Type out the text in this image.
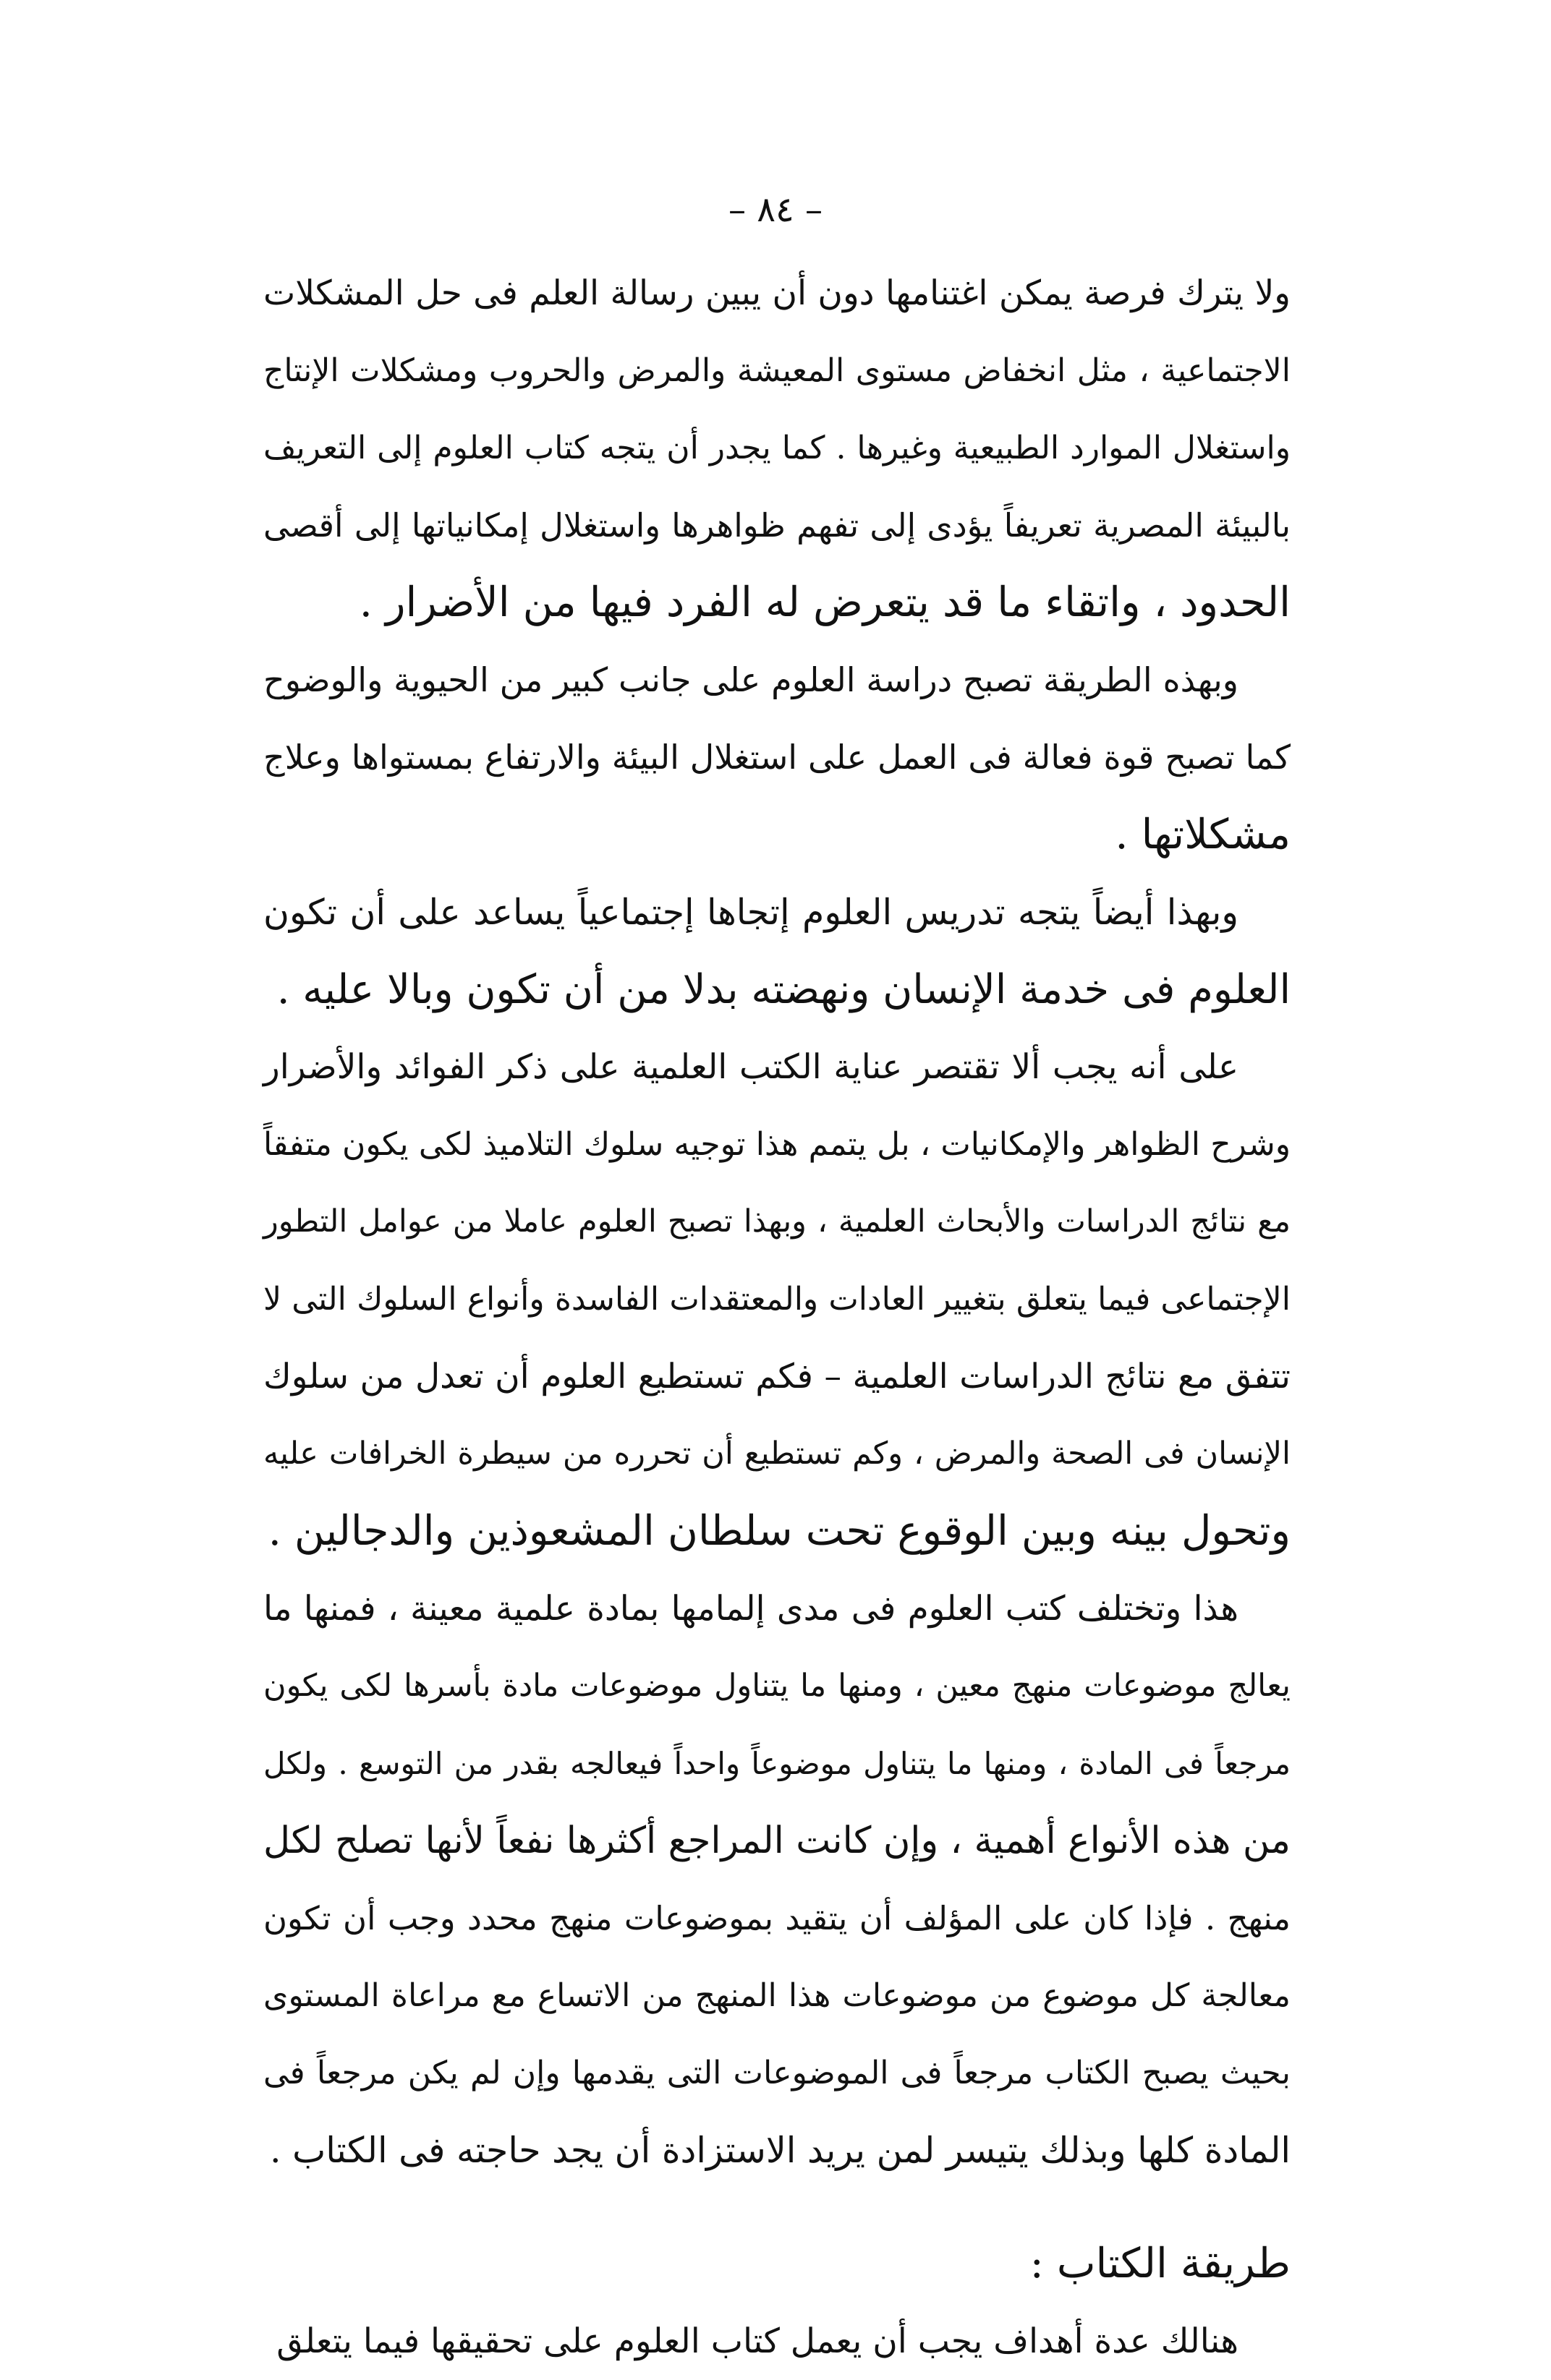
– ٨٤ –
ولا يترك فرصة يمكن اغتنامها دون أن يبين رسالة العلم فى حل المشكلات
الاجتماعية ، مثل انخفاض مستوى المعيشة والمرض والحروب ومشكلات الإنتاج
واستغلال الموارد الطبيعية وغيرها . كما يجدر أن يتجه كتاب العلوم إلى التعريف
بالبيئة المصرية تعريفاً يؤدى إلى تفهم ظواهرها واستغلال إمكانياتها إلى أقصى
الحدود ، واتقاء ما قد يتعرض له الفرد فيها من الأضرار .
وبهذه الطريقة تصبح دراسة العلوم على جانب كبير من الحيوية والوضوح
كما تصبح قوة فعالة فى العمل على استغلال البيئة والارتفاع بمستواها وعلاج
مشكلاتها .
وبهذا أيضاً يتجه تدريس العلوم إتجاها إجتماعياً يساعد على أن تكون
العلوم فى خدمة الإنسان ونهضته بدلا من أن تكون وبالا عليه .
على أنه يجب ألا تقتصر عناية الكتب العلمية على ذكر الفوائد والأضرار
وشرح الظواهر والإمكانيات ، بل يتمم هذا توجيه سلوك التلاميذ لكى يكون متفقاً
مع نتائج الدراسات والأبحاث العلمية ، وبهذا تصبح العلوم عاملا من عوامل التطور
الإجتماعى فيما يتعلق بتغيير العادات والمعتقدات الفاسدة وأنواع السلوك التى لا
تتفق مع نتائج الدراسات العلمية – فكم تستطيع العلوم أن تعدل من سلوك
الإنسان فى الصحة والمرض ، وكم تستطيع أن تحرره من سيطرة الخرافات عليه
وتحول بينه وبين الوقوع تحت سلطان المشعوذين والدجالين .
هذا وتختلف كتب العلوم فى مدى إلمامها بمادة علمية معينة ، فمنها ما
يعالج موضوعات منهج معين ، ومنها ما يتناول موضوعات مادة بأسرها لكى يكون
مرجعاً فى المادة ، ومنها ما يتناول موضوعاً واحداً فيعالجه بقدر من التوسع . ولكل
من هذه الأنواع أهمية ، وإن كانت المراجع أكثرها نفعاً لأنها تصلح لكل
منهج . فإذا كان على المؤلف أن يتقيد بموضوعات منهج محدد وجب أن تكون
معالجة كل موضوع من موضوعات هذا المنهج من الاتساع مع مراعاة المستوى
بحيث يصبح الكتاب مرجعاً فى الموضوعات التى يقدمها وإن لم يكن مرجعاً فى
المادة كلها وبذلك يتيسر لمن يريد الاستزادة أن يجد حاجته فى الكتاب .
طريقة الكتاب :
هنالك عدة أهداف يجب أن يعمل كتاب العلوم على تحقيقها فيما يتعلق
